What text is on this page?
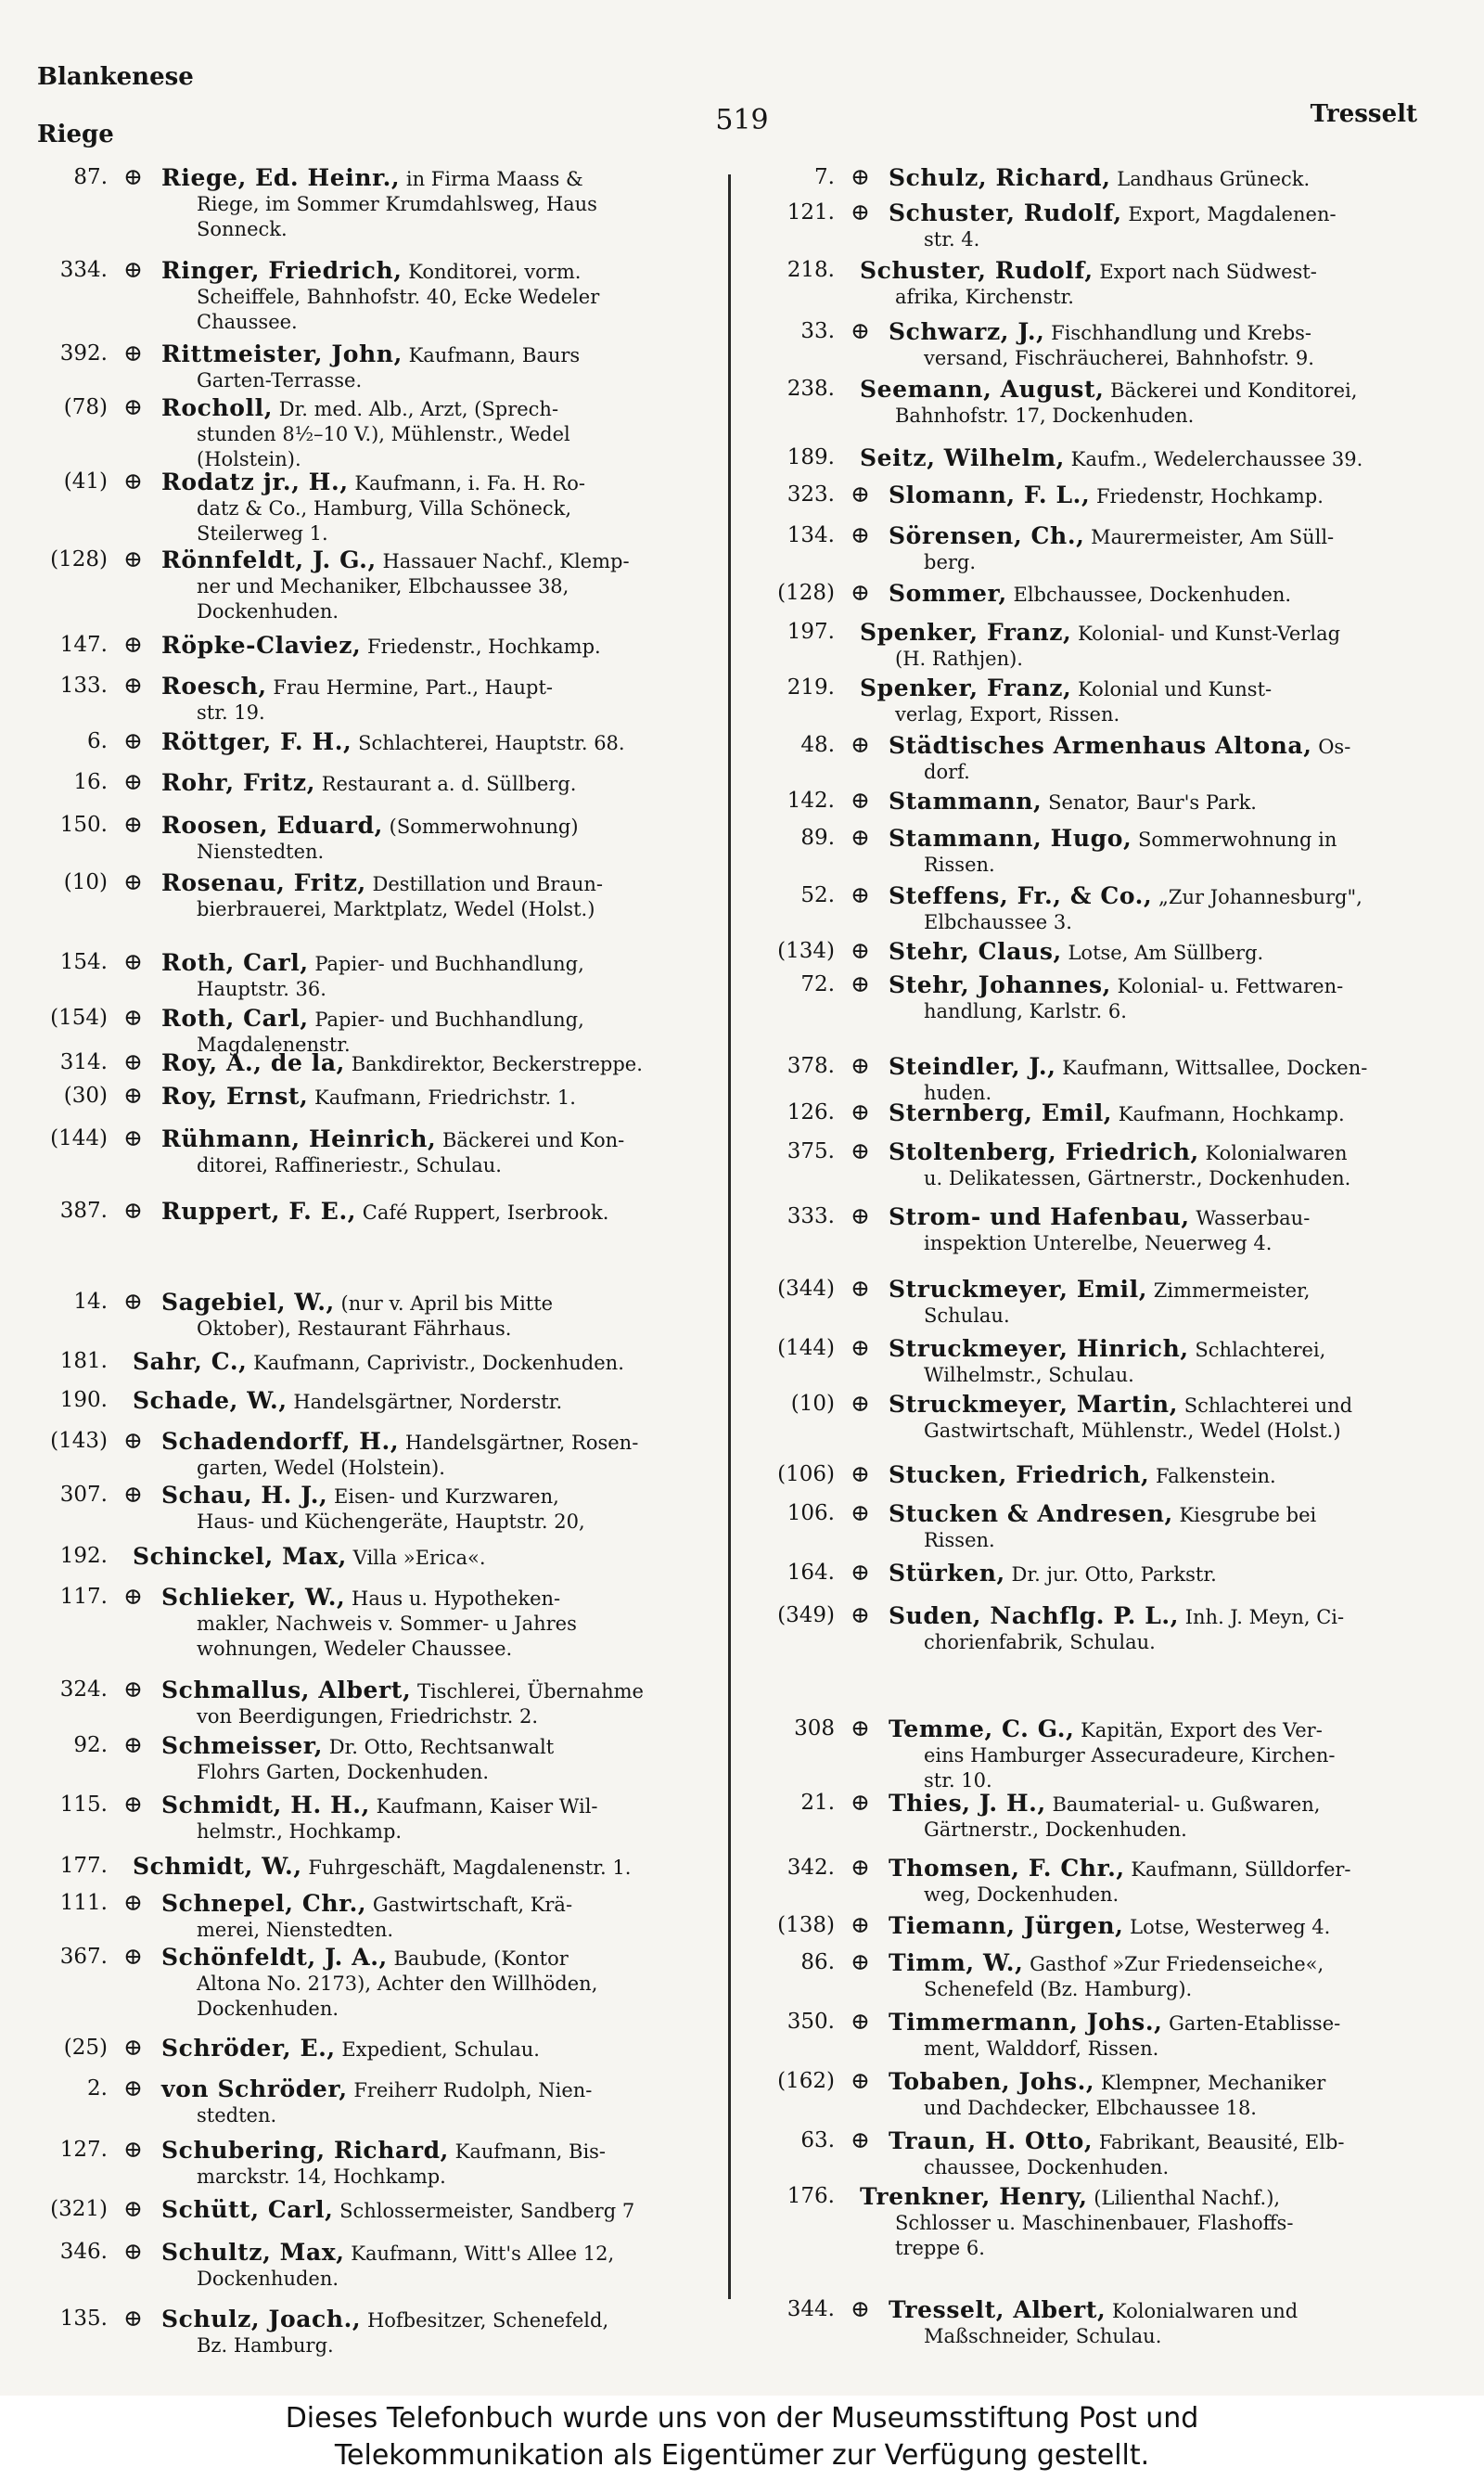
Blankenese
Riege	519	Tresselt
87. ⊕ Riege, Ed. Heinr., in Firma Maass &
Riege, im Sommer Krumdahlsweg, Haus
Sonneck.
334. ⊕ Ringer, Friedrich, Konditorei, vorm.
Scheiffele, Bahnhofstr. 40, Ecke Wedeler
Chaussee.
392. ⊕ Rittmeister, John, Kaufmann, Baurs
Garten-Terrasse.
(78) ⊕ Rocholl, Dr. med. Alb., Arzt, (Sprech-
stunden 8½–10 V.), Mühlenstr., Wedel
(Holstein).
(41) ⊕ Rodatz jr., H., Kaufmann, i. Fa. H. Ro-
datz & Co., Hamburg, Villa Schöneck,
Steilerweg 1.
(128) ⊕ Rönnfeldt, J. G., Hassauer Nachf., Klemp-
ner und Mechaniker, Elbchaussee 38,
Dockenhuden.
147. ⊕ Röpke-Claviez, Friedenstr., Hochkamp.
133. ⊕ Roesch, Frau Hermine, Part., Haupt-
str. 19.
6. ⊕ Röttger, F. H., Schlachterei, Hauptstr. 68.
16. ⊕ Rohr, Fritz, Restaurant a. d. Süllberg.
150. ⊕ Roosen, Eduard, (Sommerwohnung)
Nienstedten.
(10) ⊕ Rosenau, Fritz, Destillation und Braun-
bierbrauerei, Marktplatz, Wedel (Holst.)
154. ⊕ Roth, Carl, Papier- und Buchhandlung,
Hauptstr. 36.
(154) ⊕ Roth, Carl, Papier- und Buchhandlung,
Magdalenenstr.
314. ⊕ Roy, A., de la, Bankdirektor, Beckerstreppe.
(30) ⊕ Roy, Ernst, Kaufmann, Friedrichstr. 1.
(144) ⊕ Rühmann, Heinrich, Bäckerei und Kon-
ditorei, Raffineriestr., Schulau.
387. ⊕ Ruppert, F. E., Café Ruppert, Iserbrook.
14. ⊕ Sagebiel, W., (nur v. April bis Mitte
Oktober), Restaurant Fährhaus.
181. Sahr, C., Kaufmann, Caprivistr., Dockenhuden.
190. Schade, W., Handelsgärtner, Norderstr.
(143) ⊕ Schadendorff, H., Handelsgärtner, Rosen-
garten, Wedel (Holstein).
307. ⊕ Schau, H. J., Eisen- und Kurzwaren,
Haus- und Küchengeräte, Hauptstr. 20,
192. Schinckel, Max, Villa »Erica«.
117. ⊕ Schlieker, W., Haus u. Hypotheken-
makler, Nachweis v. Sommer- u Jahres
wohnungen, Wedeler Chaussee.
324. ⊕ Schmallus, Albert, Tischlerei, Übernahme
von Beerdigungen, Friedrichstr. 2.
92. ⊕ Schmeisser, Dr. Otto, Rechtsanwalt
Flohrs Garten, Dockenhuden.
115. ⊕ Schmidt, H. H., Kaufmann, Kaiser Wil-
helmstr., Hochkamp.
177. Schmidt, W., Fuhrgeschäft, Magdalenenstr. 1.
111. ⊕ Schnepel, Chr., Gastwirtschaft, Krä-
merei, Nienstedten.
367. ⊕ Schönfeldt, J. A., Baubude, (Kontor
Altona No. 2173), Achter den Willhöden,
Dockenhuden.
(25) ⊕ Schröder, E., Expedient, Schulau.
2. ⊕ von Schröder, Freiherr Rudolph, Nien-
stedten.
127. ⊕ Schubering, Richard, Kaufmann, Bis-
marckstr. 14, Hochkamp.
(321) ⊕ Schütt, Carl, Schlossermeister, Sandberg 7
346. ⊕ Schultz, Max, Kaufmann, Witt's Allee 12,
Dockenhuden.
135. ⊕ Schulz, Joach., Hofbesitzer, Schenefeld,
Bz. Hamburg.
7. ⊕ Schulz, Richard, Landhaus Grüneck.
121. ⊕ Schuster, Rudolf, Export, Magdalenen-
str. 4.
218. Schuster, Rudolf, Export nach Südwest-
afrika, Kirchenstr.
33. ⊕ Schwarz, J., Fischhandlung und Krebs-
versand, Fischräucherei, Bahnhofstr. 9.
238. Seemann, August, Bäckerei und Konditorei,
Bahnhofstr. 17, Dockenhuden.
189. Seitz, Wilhelm, Kaufm., Wedelerchaussee 39.
323. ⊕ Slomann, F. L., Friedenstr, Hochkamp.
134. ⊕ Sörensen, Ch., Maurermeister, Am Süll-
berg.
(128) ⊕ Sommer, Elbchaussee, Dockenhuden.
197. Spenker, Franz, Kolonial- und Kunst-Verlag
(H. Rathjen).
219. Spenker, Franz, Kolonial und Kunst-
verlag, Export, Rissen.
48. ⊕ Städtisches Armenhaus Altona, Os-
dorf.
142. ⊕ Stammann, Senator, Baur's Park.
89. ⊕ Stammann, Hugo, Sommerwohnung in
Rissen.
52. ⊕ Steffens, Fr., & Co., „Zur Johannesburg",
Elbchaussee 3.
(134) ⊕ Stehr, Claus, Lotse, Am Süllberg.
72. ⊕ Stehr, Johannes, Kolonial- u. Fettwaren-
handlung, Karlstr. 6.
378. ⊕ Steindler, J., Kaufmann, Wittsallee, Docken-
huden.
126. ⊕ Sternberg, Emil, Kaufmann, Hochkamp.
375. ⊕ Stoltenberg, Friedrich, Kolonialwaren
u. Delikatessen, Gärtnerstr., Dockenhuden.
333. ⊕ Strom- und Hafenbau, Wasserbau-
inspektion Unterelbe, Neuerweg 4.
(344) ⊕ Struckmeyer, Emil, Zimmermeister,
Schulau.
(144) ⊕ Struckmeyer, Hinrich, Schlachterei,
Wilhelmstr., Schulau.
(10) ⊕ Struckmeyer, Martin, Schlachterei und
Gastwirtschaft, Mühlenstr., Wedel (Holst.)
(106) ⊕ Stucken, Friedrich, Falkenstein.
106. ⊕ Stucken & Andresen, Kiesgrube bei
Rissen.
164. ⊕ Stürken, Dr. jur. Otto, Parkstr.
(349) ⊕ Suden, Nachflg. P. L., Inh. J. Meyn, Ci-
chorienfabrik, Schulau.
308 ⊕ Temme, C. G., Kapitän, Export des Ver-
eins Hamburger Assecuradeure, Kirchen-
str. 10.
21. ⊕ Thies, J. H., Baumaterial- u. Gußwaren,
Gärtnerstr., Dockenhuden.
342. ⊕ Thomsen, F. Chr., Kaufmann, Sülldorfer-
weg, Dockenhuden.
(138) ⊕ Tiemann, Jürgen, Lotse, Westerweg 4.
86. ⊕ Timm, W., Gasthof »Zur Friedenseiche«,
Schenefeld (Bz. Hamburg).
350. ⊕ Timmermann, Johs., Garten-Etablisse-
ment, Walddorf, Rissen.
(162) ⊕ Tobaben, Johs., Klempner, Mechaniker
und Dachdecker, Elbchaussee 18.
63. ⊕ Traun, H. Otto, Fabrikant, Beausité, Elb-
chaussee, Dockenhuden.
176. Trenkner, Henry, (Lilienthal Nachf.),
Schlosser u. Maschinenbauer, Flashoffs-
treppe 6.
344. ⊕ Tresselt, Albert, Kolonialwaren und
Maßschneider, Schulau.
Dieses Telefonbuch wurde uns von der Museumsstiftung Post und
Telekommunikation als Eigentümer zur Verfügung gestellt.
